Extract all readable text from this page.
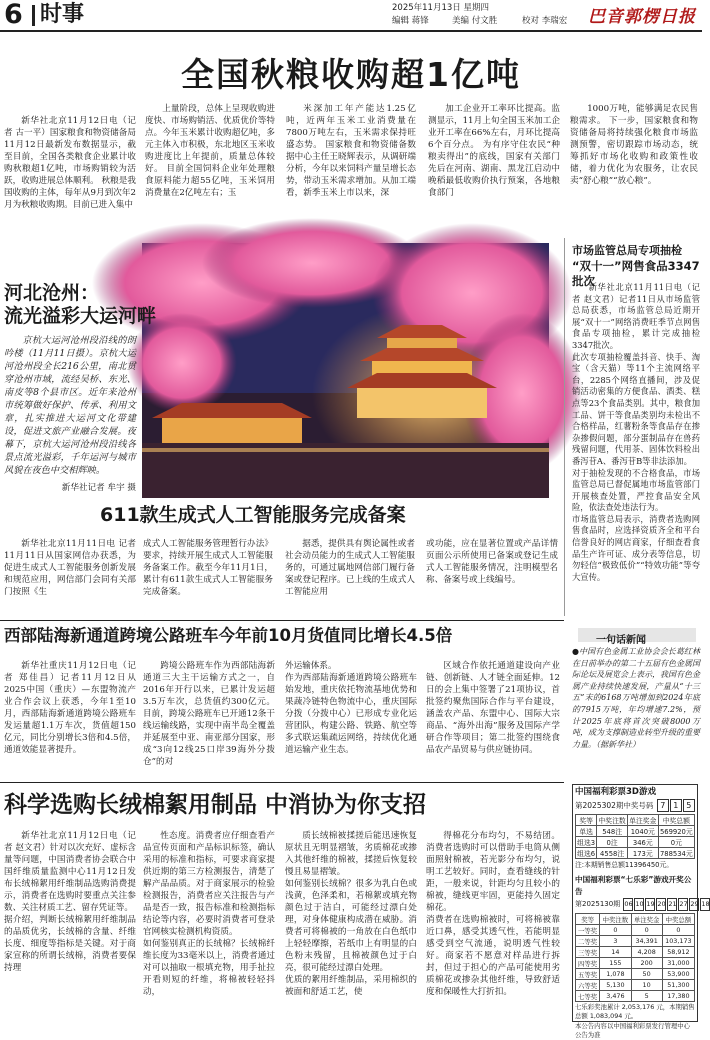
6 时事	2025年11月13日 星期四
编辑 蒋锋	美编 付文胜	校对 李瑞宏 巴音郭楞日报
全国秋粮收购超1亿吨
新华社北京11月12日电（记者 古一平）国家粮食和物资储备局11月12日最新发布数据显示，截至目前，全国各类粮食企业累计收购秋粮超1亿吨，市场购销较为活跃，收购进展总体顺利。 秋粮是我国收购的主体，每年从9月到次年2月为秋粮收购期。目前已进入集中
上量阶段，总体上呈现收购进度快、市场购销活、优质优价等特点。今年玉米累计收购超亿吨，多元主体入市积极，东北地区玉米收购进度比上年提前，质量总体较好。 目前全国饲料企业年处理粮食原料能力超55亿吨，玉米饲用消费量在2亿吨左右；玉
米深加工年产能达1.25亿吨，近两年玉米工业消费量在7800万吨左右，玉米需求保持旺盛态势。 国家粮食和物资储备数据中心主任王晓辉表示，从调研端分析，今年以来饲料产量呈增长态势，带动玉米需求增加。从加工端看，新季玉米上市以来，深
加工企业开工率环比提高。监测显示，11月上旬全国玉米加工企业开工率在66%左右，月环比提高6个百分点。 为有序守住农民“种粮卖得出”的底线，国家有关部门先后在河南、湖南、黑龙江启动中晚稻最低收购价执行预案，各地粮食部门
1000万吨，能够满足农民售粮需求。 下一步，国家粮食和物资储备局将持续强化粮食市场监测预警，密切跟踪市场动态，统筹抓好市场化收购和政策性收储，着力优化为农服务，让农民卖“舒心粮”“放心粮”。
河北沧州：
流光溢彩大运河畔
京杭大运河沧州段沿线的朗吟楼（11月11日摄）。京杭大运河沧州段全长216公里，南北贯穿沧州市域，流经吴桥、东光、南皮等8个县市区。近年来沧州市统筹做好保护、传承、利用文章，扎实推进大运河文化带建设，促进文旅产业融合发展。夜幕下，京杭大运河沧州段沿线各景点流光溢彩，千年运河与城市风貌在夜色中交相辉映。
新华社记者 牟宇 摄
611款生成式人工智能服务完成备案
新华社北京11月11日电 记者11月11日从国家网信办获悉，为促进生成式人工智能服务创新发展和规范应用，网信部门会同有关部门按照《生
成式人工智能服务管理暂行办法》要求，持续开展生成式人工智能服务备案工作。截至今年11月1日，累计有611款生成式人工智能服务完成备案。
据悉，提供具有舆论属性或者社会动员能力的生成式人工智能服务的，可通过属地网信部门履行备案或登记程序。已上线的生成式人工智能应用
或功能，应在显著位置或产品详情页面公示所使用已备案或登记生成式人工智能服务情况，注明模型名称、备案号或上线编号。
市场监管总局专项抽检
“双十一”网售食品3347批次
新华社北京11月11日电（记者 赵文君）记者11日从市场监管总局获悉，市场监管总局近期开展“双十一”网络消费旺季节点网售食品专项抽检，累计完成抽检3347批次。
此次专项抽检覆盖抖音、快手、淘宝（含天猫）等11个主流网络平台，2285个网络直播间，涉及促销活动密集的方便食品、酒类、糕点等23个食品类别。其中，粮食加工品、饼干等食品类别均未检出不合格样品，红薯粉条等食品存在掺杂掺假问题，部分蛋制品存在兽药残留问题，代用茶、固体饮料检出番泻苷A、番泻苷B等非法添加。
对于抽检发现的不合格食品，市场监管总局已督促属地市场监管部门开展核查处置，严控食品安全风险，依法查处违法行为。
市场监管总局表示，消费者选购网售食品时，应选择资质齐全和平台信誉良好的网店商家，仔细查看食品生产许可证、成分表等信息，切勿轻信“极致低价”“特效功能”等夸大宣传。
一句话新闻
●中国有色金属工业协会会长葛红林在日前举办的第二十五届有色金属国际论坛及展览会上表示，我国有色金属产业持续快速发展，产量从“十三五”末的6168万吨增加到2024年底的7915万吨，年均增速7.2%，预计2025年底将首次突破8000万吨，成为支撑制造业转型升级的重要力量。（据新华社）
西部陆海新通道跨境公路班车今年前10月货值同比增长4.5倍
新华社重庆11月12日电（记者 郑佳昌）记者11月12日从2025中国（重庆）—东盟物流产业合作会议上获悉，今年1至10月，西部陆海新通道跨境公路班车发运量超1.1万车次，货值超150亿元，同比分别增长3倍和4.5倍，通道效能显著提升。
跨境公路班车作为西部陆海新通道三大主干运输方式之一，自2016年开行以来，已累计发运超3.5万车次，总货值约300亿元。目前，跨境公路班车已开通12条干线运输线路，实现中南半岛全覆盖并延展至中亚、南亚部分国家，形成“3向12线25口岸39海外分拨仓”的对
外运输体系。
作为西部陆海新通道跨境公路班车始发地，重庆依托物流基地优势和果蔬冷链特色物流中心，重庆国际分拨（分拨中心）已形成专业化运营团队，构建公路、铁路、航空等多式联运集疏运网络，持续优化通道运输产业生态。
区域合作依托通道建设向产业链、创新链、人才链全面延伸。12日的会上集中签署了21项协议，首批签约聚焦国际合作与平台建设，涵盖农产品、东盟中心、国际大宗商品、“海外出海”服务及国际产学研合作等项目；第二批签约围绕食品农产品贸易与供应链协同。
科学选购长绒棉絮用制品 中消协为你支招
新华社北京11月12日电（记者 赵文君）针对以次充好、虚标含量等问题，中国消费者协会联合中国纤维质量监测中心11月12日发布长绒棉絮用纤维制品选购消费提示，消费者在选购时要重点关注参数、关注材质工艺、留存凭证等。
据介绍，判断长绒棉絮用纤维制品的品质优劣，长绒棉的含量、纤维长度、细度等指标是关键。对于商家宣称的所谓长绒棉，消费者要保持理
性态度。消费者应仔细查看产品宣传页面和产品标识标签，确认采用的标准和指标，可要求商家提供近期的第三方检测报告，清楚了解产品品质。对于商家展示的检验检测报告，消费者应关注报告与产品是否一致，报告标准和检测指标结论等内容，必要时消费者可登录官网核实检测机构资质。
如何鉴别真正的长绒棉？长绒棉纤维长度为33毫米以上，消费者通过对可以抽取一根填充物，用手扯拉开看则短的纤维，将棉被轻轻抖动，
质长绒棉被揉搓后能迅速恢复原状且无明显褶皱，劣质棉花或掺入其他纤维的棉被，揉搓后恢复较慢且易显褶皱。
如何鉴别长绒棉？很多为乳白色或浅黄，色泽柔和，若棉絮或填充物颜色过于洁白，可能经过漂白处理，对身体健康构成潜在威胁。消费者可将棉被的一角放在白色纸巾上轻轻摩擦，若纸巾上有明显的白色粉末残留，且棉被颜色过于白亮，很可能经过漂白处理。
优质的絮用纤维制品，采用棉织的被面和舒适工艺，使
得棉花分布均匀，不易结团。消费者选购时可以借助手电筒从侧面照射棉被，若光影分布均匀，说明工艺较好。同时，查看缝线的针距，一般来说，针距均匀且较小的棉被，缝线更牢固，更能持久固定棉花。
消费者在选购棉被时，可将棉被靠近口鼻，感受其透气性，若能明显感受到空气流通，说明透气性较好。商家若不愿意对样品进行拆封，但过于担心的产品可能使用劣质棉花或掺杂其他纤维，导致舒适度和保暖性大打折扣。
中国福利彩票3D游戏
第2025302期中奖号码 7 1 5
奖等	中奖注数	单注奖金	中奖总额
单选	548注	1040元	569920元
组选3	0注	346元	0元
组选6	4558注	173元	788534元
注:本期销售总额11396450元。
中国福利彩票“七乐彩”游戏开奖公告
第2025130期 06 10 19 20 21 27 29 18
奖等	中奖注数	单注奖金	中奖总额
一等奖	0	0	0
二等奖	3	34,391	103,173
三等奖	14	4,208	58,912
四等奖	155	200	31,000
五等奖	1,078	50	53,900
六等奖	5,130	10	51,300
七等奖	3,476	5	17,380
七乐彩奖池累计 2,053,176 元，本期销售总额 1,083,094 元。
本公告内容以中国福利彩票发行管理中心公告为准
